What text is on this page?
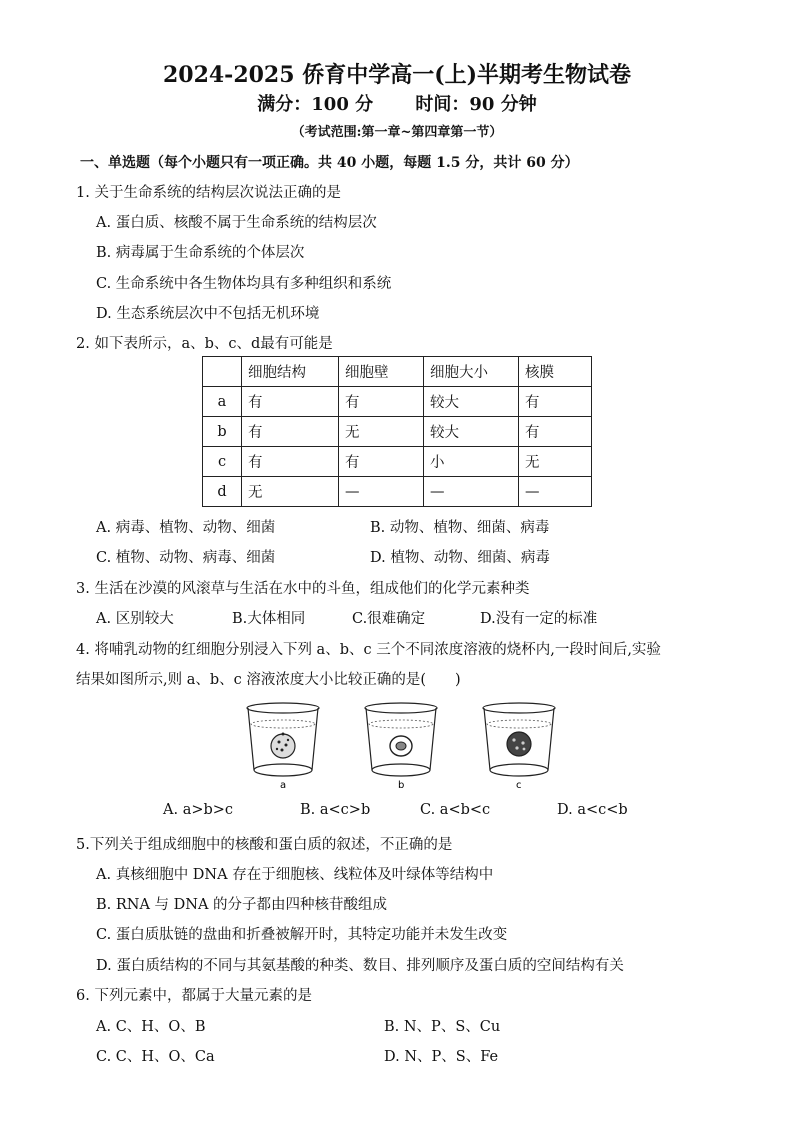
2024-2025 侨育中学高一(上)半期考生物试卷
满分：100 分 时间：90 分钟
（考试范围:第一章~第四章第一节）
一、单选题（每个小题只有一项正确。共 40 小题，每题 1.5 分，共计 60 分）
1. 关于生命系统的结构层次说法正确的是
A. 蛋白质、核酸不属于生命系统的结构层次
B. 病毒属于生命系统的个体层次
C. 生命系统中各生物体均具有多种组织和系统
D. 生态系统层次中不包括无机环境
2. 如下表所示，a、b、c、d最有可能是
	细胞结构	细胞壁	细胞大小	核膜
a	有	有	较大	有
b	有	无	较大	有
c	有	有	小	无
d	无	—	—	—
A. 病毒、植物、动物、细菌	B. 动物、植物、细菌、病毒
C. 植物、动物、病毒、细菌	D. 植物、动物、细菌、病毒
3. 生活在沙漠的风滚草与生活在水中的斗鱼，组成他们的化学元素种类
A. 区别较大	B.大体相同	C.很难确定	D.没有一定的标准
4. 将哺乳动物的红细胞分别浸入下列 a、b、c 三个不同浓度溶液的烧杯内,一段时间后,实验
结果如图所示,则 a、b、c 溶液浓度大小比较正确的是(　　)
a	b	c
A. a>b>c	B. a<c>b	C. a<b<c	D. a<c<b
5.下列关于组成细胞中的核酸和蛋白质的叙述，不正确的是
A. 真核细胞中 DNA 存在于细胞核、线粒体及叶绿体等结构中
B. RNA 与 DNA 的分子都由四种核苷酸组成
C. 蛋白质肽链的盘曲和折叠被解开时，其特定功能并未发生改变
D. 蛋白质结构的不同与其氨基酸的种类、数目、排列顺序及蛋白质的空间结构有关
6. 下列元素中，都属于大量元素的是
A. C、H、O、B	B. N、P、S、Cu
C. C、H、O、Ca	D. N、P、S、Fe
